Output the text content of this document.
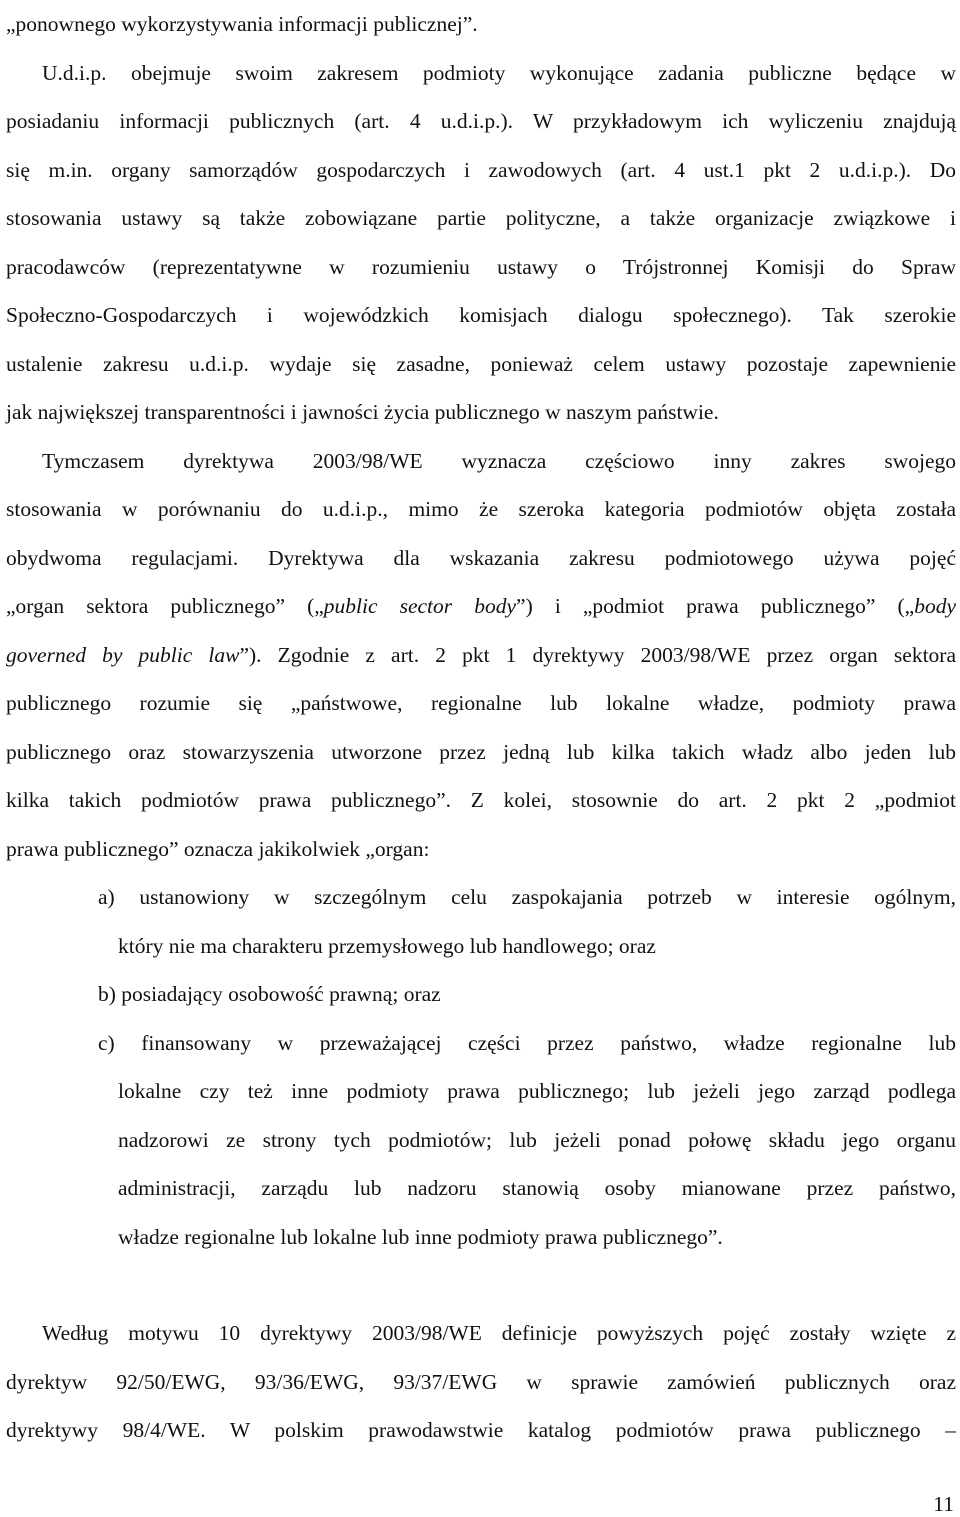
„ponownego wykorzystywania informacji publicznej”.
U.d.i.p. obejmuje swoim zakresem podmioty wykonujące zadania publiczne będące w
posiadaniu informacji publicznych (art. 4 u.d.i.p.). W przykładowym ich wyliczeniu znajdują
się m.in. organy samorządów gospodarczych i zawodowych (art. 4 ust.1 pkt 2 u.d.i.p.). Do
stosowania ustawy są także zobowiązane partie polityczne, a także organizacje związkowe i
pracodawców (reprezentatywne w rozumieniu ustawy o Trójstronnej Komisji do Spraw
Społeczno-Gospodarczych i wojewódzkich komisjach dialogu społecznego). Tak szerokie
ustalenie zakresu u.d.i.p. wydaje się zasadne, ponieważ celem ustawy pozostaje zapewnienie
jak największej transparentności i jawności życia publicznego w naszym państwie.
Tymczasem dyrektywa 2003/98/WE wyznacza częściowo inny zakres swojego
stosowania w porównaniu do u.d.i.p., mimo że szeroka kategoria podmiotów objęta została
obydwoma regulacjami. Dyrektywa dla wskazania zakresu podmiotowego używa pojęć
„organ sektora publicznego” („public sector body”) i „podmiot prawa publicznego” („body
governed by public law”). Zgodnie z art. 2 pkt 1 dyrektywy 2003/98/WE przez organ sektora
publicznego rozumie się „państwowe, regionalne lub lokalne władze, podmioty prawa
publicznego oraz stowarzyszenia utworzone przez jedną lub kilka takich władz albo jeden lub
kilka takich podmiotów prawa publicznego”. Z kolei, stosownie do art. 2 pkt 2 „podmiot
prawa publicznego” oznacza jakikolwiek „organ:
a) ustanowiony w szczególnym celu zaspokajania potrzeb w interesie ogólnym,
który nie ma charakteru przemysłowego lub handlowego; oraz
b) posiadający osobowość prawną; oraz
c) finansowany w przeważającej części przez państwo, władze regionalne lub
lokalne czy też inne podmioty prawa publicznego; lub jeżeli jego zarząd podlega
nadzorowi ze strony tych podmiotów; lub jeżeli ponad połowę składu jego organu
administracji, zarządu lub nadzoru stanowią osoby mianowane przez państwo,
władze regionalne lub lokalne lub inne podmioty prawa publicznego”.
Według motywu 10 dyrektywy 2003/98/WE definicje powyższych pojęć zostały wzięte z
dyrektyw 92/50/EWG, 93/36/EWG, 93/37/EWG w sprawie zamówień publicznych oraz
dyrektywy 98/4/WE. W polskim prawodawstwie katalog podmiotów prawa publicznego –
11
